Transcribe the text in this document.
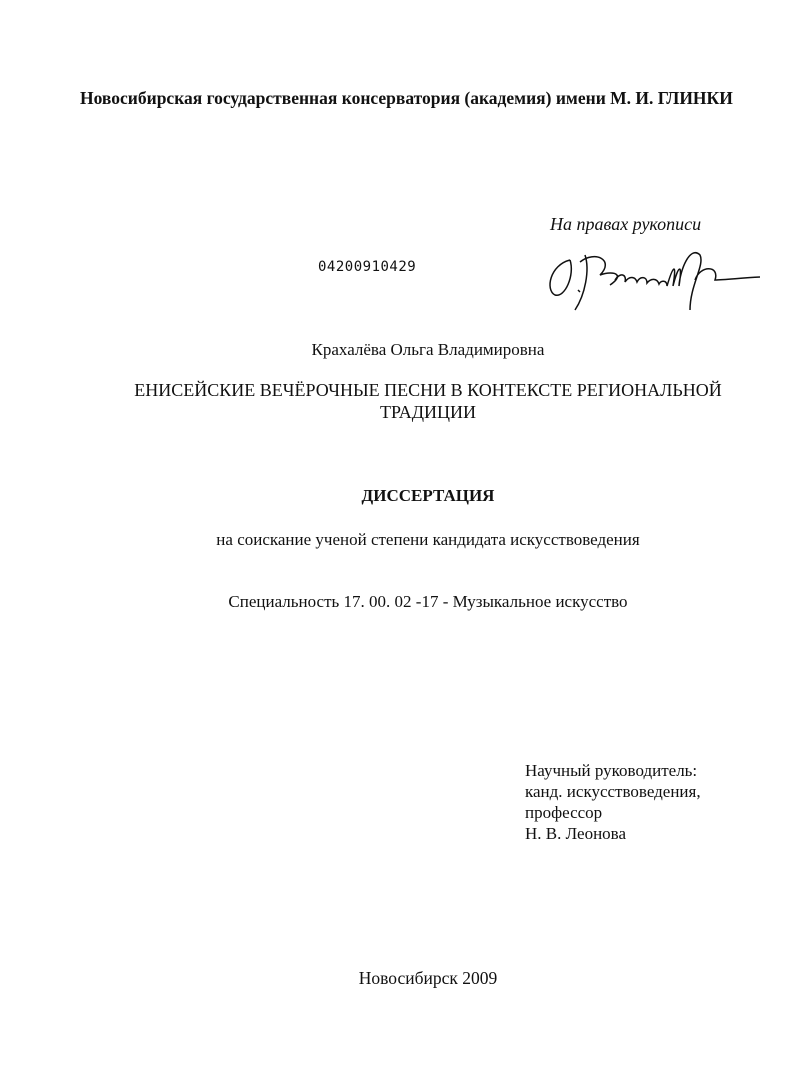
Новосибирская государственная консерватория (академия) имени М. И. ГЛИНКИ
На правах рукописи
04200910429
Крахалёва Ольга Владимировна
ЕНИСЕЙСКИЕ ВЕЧЁРОЧНЫЕ ПЕСНИ В КОНТЕКСТЕ РЕГИОНАЛЬНОЙ
ТРАДИЦИИ
ДИССЕРТАЦИЯ
на соискание ученой степени кандидата искусствоведения
Специальность 17. 00. 02 -17 - Музыкальное искусство
Научный руководитель:
канд. искусствоведения,
профессор
Н. В. Леонова
Новосибирск 2009
